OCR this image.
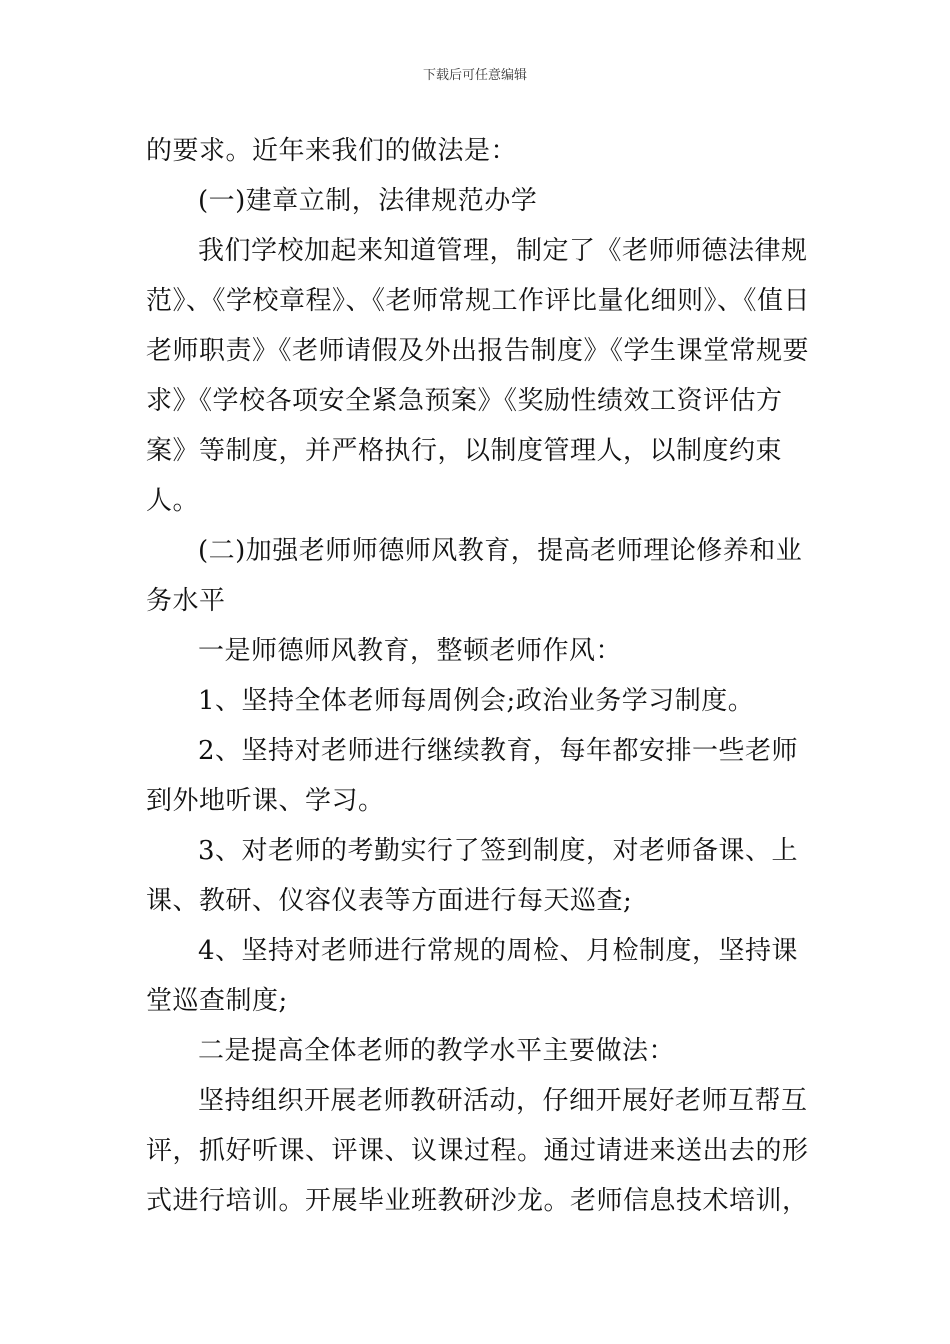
下载后可任意编辑

的要求。近年来我们的做法是：

(一)建章立制，法律规范办学

我们学校加起来知道管理，制定了《老师师德法律规范》、《学校章程》、《老师常规工作评比量化细则》、《值日老师职责》《老师请假及外出报告制度》《学生课堂常规要求》《学校各项安全紧急预案》《奖励性绩效工资评估方案》等制度，并严格执行，以制度管理人，以制度约束人。

(二)加强老师师德师风教育，提高老师理论修养和业务水平

一是师德师风教育，整顿老师作风：

1、坚持全体老师每周例会;政治业务学习制度。

2、坚持对老师进行继续教育，每年都安排一些老师到外地听课、学习。

3、对老师的考勤实行了签到制度，对老师备课、上课、教研、仪容仪表等方面进行每天巡查;

4、坚持对老师进行常规的周检、月检制度，坚持课堂巡查制度;

二是提高全体老师的教学水平主要做法：

坚持组织开展老师教研活动，仔细开展好老师互帮互评，抓好听课、评课、议课过程。通过请进来送出去的形式进行培训。开展毕业班教研沙龙。老师信息技术培训，
